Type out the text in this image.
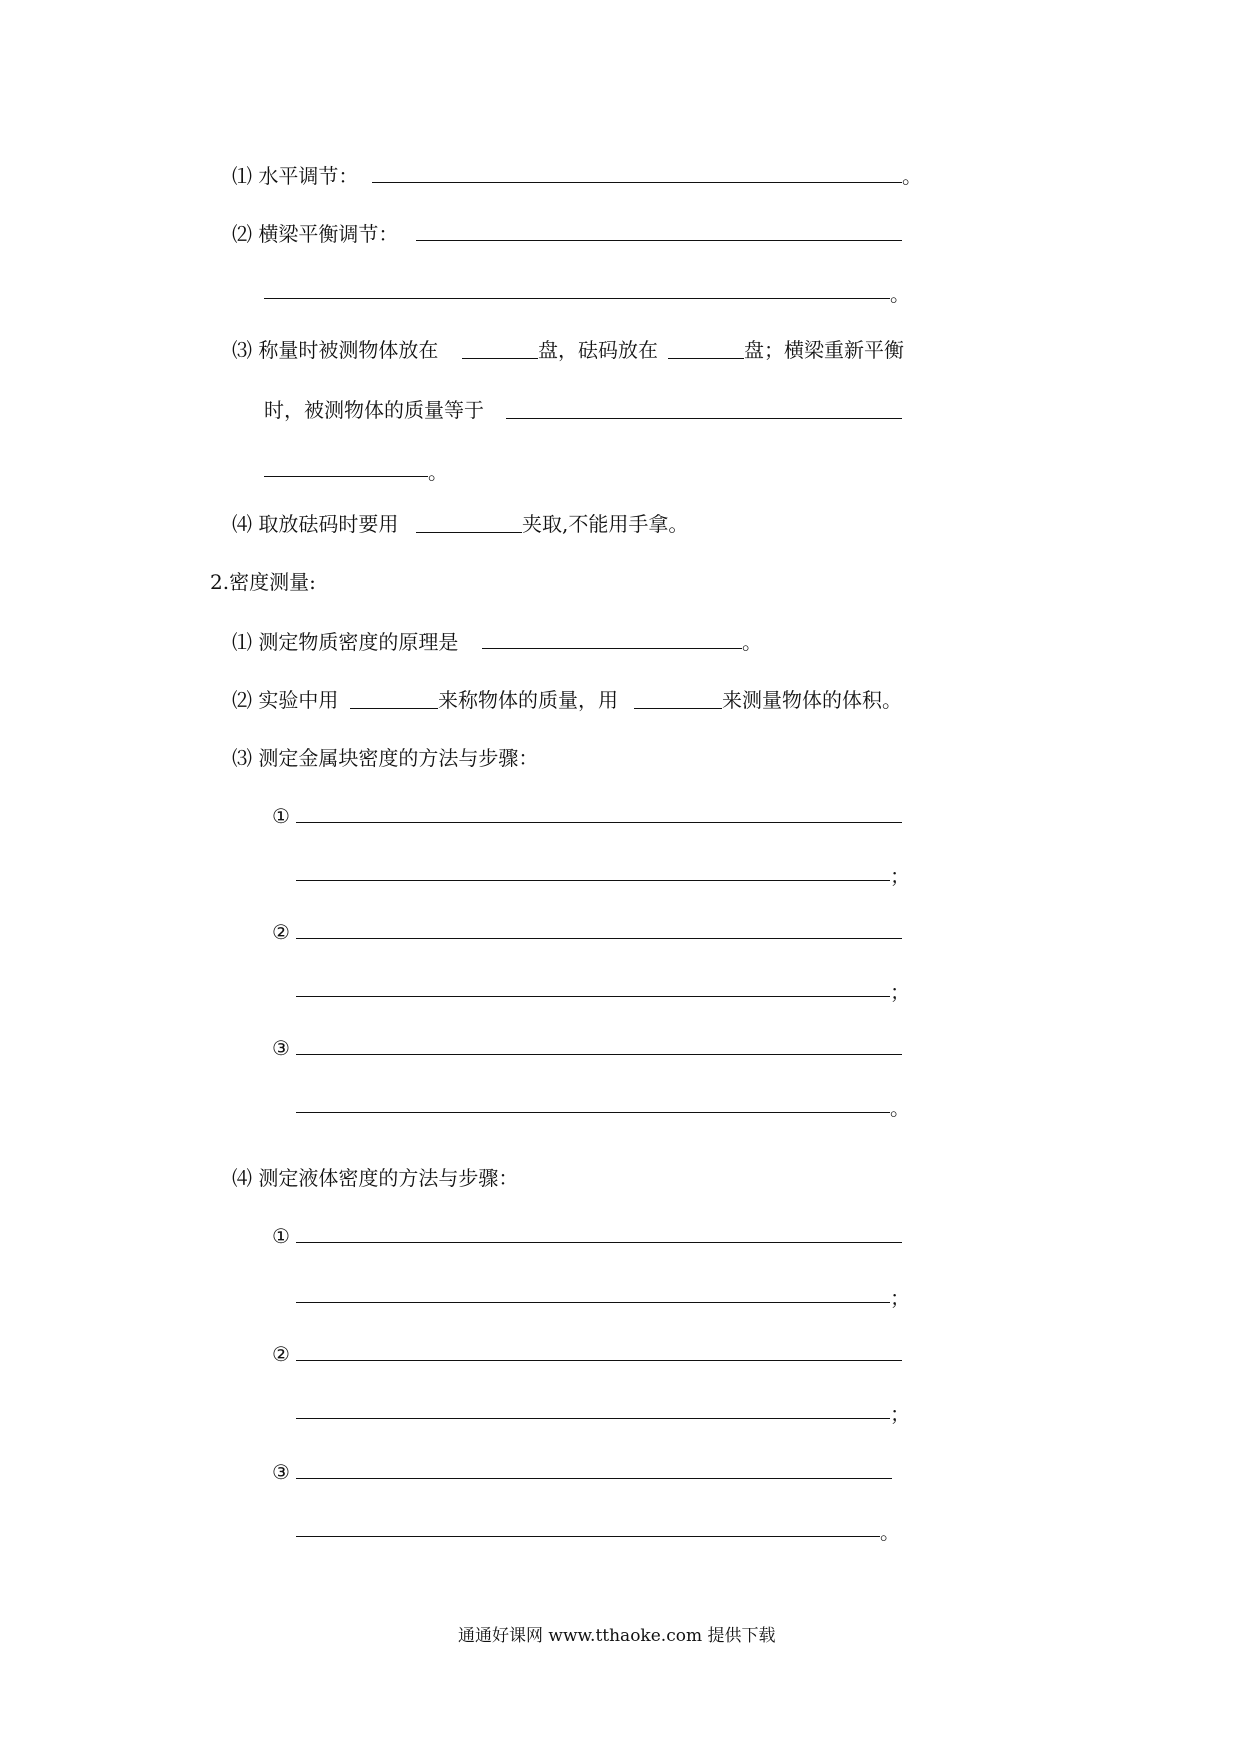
⑴ 水平调节：	。
⑵ 横梁平衡调节：
。
⑶ 称量时被测物体放在	盘，砝码放在	盘；横梁重新平衡
时，被测物体的质量等于
。
⑷ 取放砝码时要用	夹取,不能用手拿。
2.密度测量:
⑴ 测定物质密度的原理是	。
⑵ 实验中用	来称物体的质量，用	来测量物体的体积。
⑶ 测定金属块密度的方法与步骤：
①
；
②
；
③
。
⑷ 测定液体密度的方法与步骤：
①
；
②
；
③
。
通通好课网 www.tthaoke.com 提供下载
